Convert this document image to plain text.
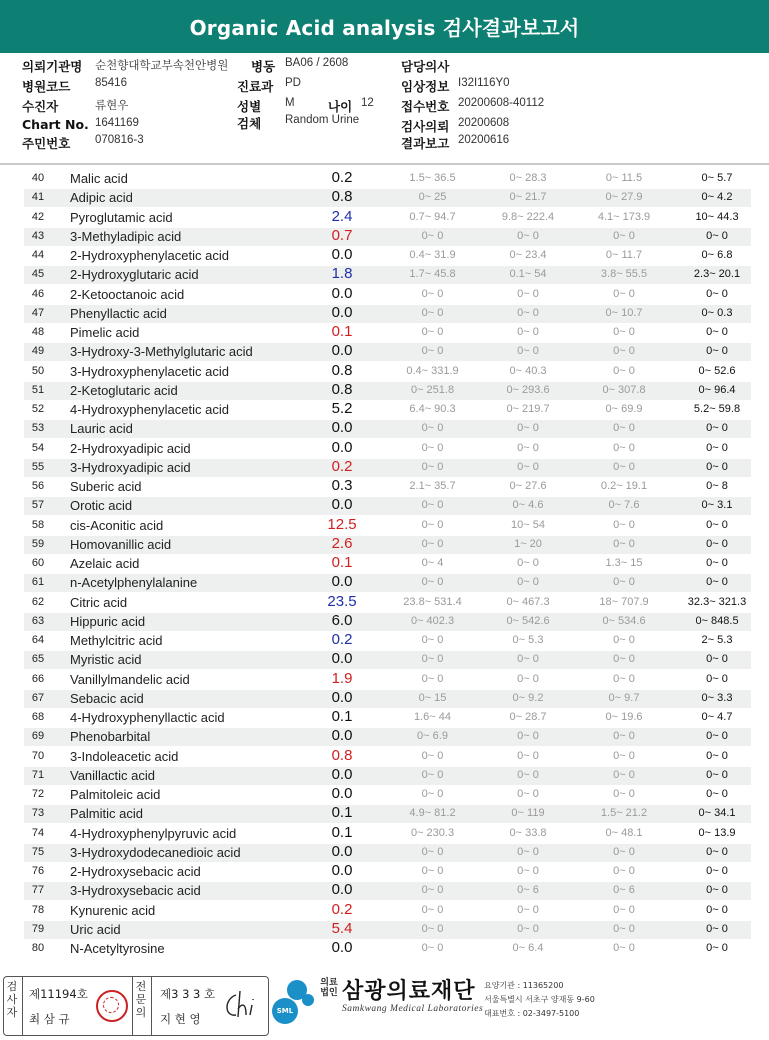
Organic Acid analysis 검사결과보고서
의뢰기관명 순천향대학교부속천안병원 병동 BA06 / 2608	담당의사
병원코드 85416	진료과 PD	임상정보 I32I116Y0
수진자	류현우	성별 M	나이 12 접수번호 20200608-40112
Chart No. 1641169	검체 Random Urine	검사의뢰 20200608
주민번호 070816-3	결과보고 20200616
40	Malic acid	0.2	1.5~ 36.5	0~ 28.3	0~ 11.5	0~ 5.7
41	Adipic acid	0.8	0~ 25	0~ 21.7	0~ 27.9	0~ 4.2
42	Pyroglutamic acid	2.4	0.7~ 94.7	9.8~ 222.4	4.1~ 173.9	10~ 44.3
43	3-Methyladipic acid	0.7	0~ 0	0~ 0	0~ 0	0~ 0
44	2-Hydroxyphenylacetic acid	0.0	0.4~ 31.9	0~ 23.4	0~ 11.7	0~ 6.8
45	2-Hydroxyglutaric acid	1.8	1.7~ 45.8	0.1~ 54	3.8~ 55.5	2.3~ 20.1
46	2-Ketooctanoic acid	0.0	0~ 0	0~ 0	0~ 0	0~ 0
47	Phenyllactic acid	0.0	0~ 0	0~ 0	0~ 10.7	0~ 0.3
48	Pimelic acid	0.1	0~ 0	0~ 0	0~ 0	0~ 0
49	3-Hydroxy-3-Methylglutaric acid	0.0	0~ 0	0~ 0	0~ 0	0~ 0
50	3-Hydroxyphenylacetic acid	0.8	0.4~ 331.9	0~ 40.3	0~ 0	0~ 52.6
51	2-Ketoglutaric acid	0.8	0~ 251.8	0~ 293.6	0~ 307.8	0~ 96.4
52	4-Hydroxyphenylacetic acid	5.2	6.4~ 90.3	0~ 219.7	0~ 69.9	5.2~ 59.8
53	Lauric acid	0.0	0~ 0	0~ 0	0~ 0	0~ 0
54	2-Hydroxyadipic acid	0.0	0~ 0	0~ 0	0~ 0	0~ 0
55	3-Hydroxyadipic acid	0.2	0~ 0	0~ 0	0~ 0	0~ 0
56	Suberic acid	0.3	2.1~ 35.7	0~ 27.6	0.2~ 19.1	0~ 8
57	Orotic acid	0.0	0~ 0	0~ 4.6	0~ 7.6	0~ 3.1
58	cis-Aconitic acid	12.5	0~ 0	10~ 54	0~ 0	0~ 0
59	Homovanillic acid	2.6	0~ 0	1~ 20	0~ 0	0~ 0
60	Azelaic acid	0.1	0~ 4	0~ 0	1.3~ 15	0~ 0
61	n-Acetylphenylalanine	0.0	0~ 0	0~ 0	0~ 0	0~ 0
62	Citric acid	23.5	23.8~ 531.4	0~ 467.3	18~ 707.9	32.3~ 321.3
63	Hippuric acid	6.0	0~ 402.3	0~ 542.6	0~ 534.6	0~ 848.5
64	Methylcitric acid	0.2	0~ 0	0~ 5.3	0~ 0	2~ 5.3
65	Myristic acid	0.0	0~ 0	0~ 0	0~ 0	0~ 0
66	Vanillylmandelic acid	1.9	0~ 0	0~ 0	0~ 0	0~ 0
67	Sebacic acid	0.0	0~ 15	0~ 9.2	0~ 9.7	0~ 3.3
68	4-Hydroxyphenyllactic acid	0.1	1.6~ 44	0~ 28.7	0~ 19.6	0~ 4.7
69	Phenobarbital	0.0	0~ 6.9	0~ 0	0~ 0	0~ 0
70	3-Indoleacetic acid	0.8	0~ 0	0~ 0	0~ 0	0~ 0
71	Vanillactic acid	0.0	0~ 0	0~ 0	0~ 0	0~ 0
72	Palmitoleic acid	0.0	0~ 0	0~ 0	0~ 0	0~ 0
73	Palmitic acid	0.1	4.9~ 81.2	0~ 119	1.5~ 21.2	0~ 34.1
74	4-Hydroxyphenylpyruvic acid	0.1	0~ 230.3	0~ 33.8	0~ 48.1	0~ 13.9
75	3-Hydroxydodecanedioic acid	0.0	0~ 0	0~ 0	0~ 0	0~ 0
76	2-Hydroxysebacic acid	0.0	0~ 0	0~ 0	0~ 0	0~ 0
77	3-Hydroxysebacic acid	0.0	0~ 0	0~ 6	0~ 6	0~ 0
78	Kynurenic acid	0.2	0~ 0	0~ 0	0~ 0	0~ 0
79	Uric acid	5.4	0~ 0	0~ 0	0~ 0	0~ 0
80	N-Acetyltyrosine	0.0	0~ 0	0~ 6.4	0~ 0	0~ 0
검사자
제11194호
최 삼 규
전문의
제3 3 3 호
지 현 영
SML
의료법인 삼광의료재단
Samkwang Medical Laboratories
요양기관 : 11365200
서울특별시 서초구 양재동 9-60
대표번호 : 02-3497-5100
